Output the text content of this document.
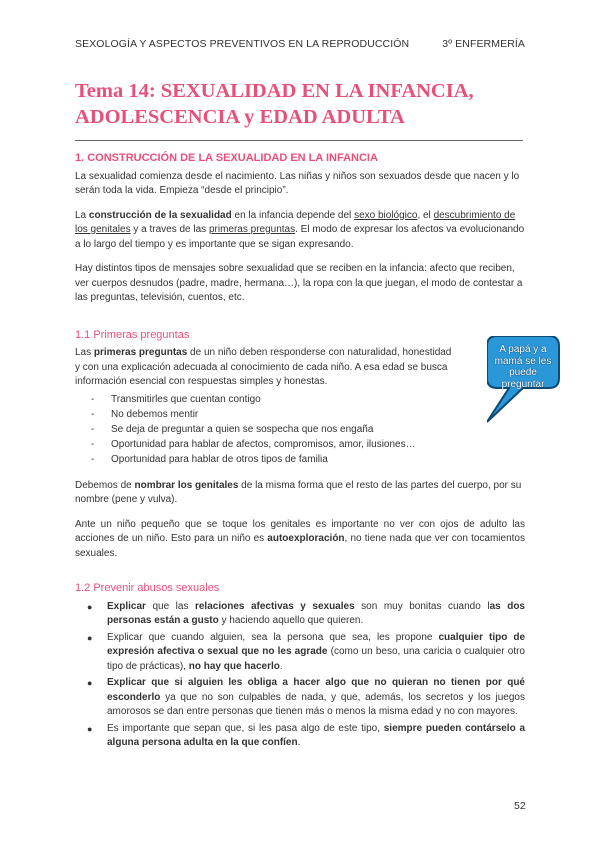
SEXOLOGÍA Y ASPECTOS PREVENTIVOS EN LA REPRODUCCIÓN	3º ENFERMERÍA
Tema 14: SEXUALIDAD EN LA INFANCIA,
ADOLESCENCIA y EDAD ADULTA
1. CONSTRUCCIÓN DE LA SEXUALIDAD EN LA INFANCIA

La sexualidad comienza desde el nacimiento. Las niñas y niños son sexuados desde que nacen y lo serán toda la vida. Empieza “desde el principio”.

La construcción de la sexualidad en la infancia depende del sexo biológico, el descubrimiento de los genitales y a traves de las primeras preguntas. El modo de expresar los afectos va evolucionando a lo largo del tiempo y es importante que se sigan expresando.

Hay distintos tipos de mensajes sobre sexualidad que se reciben en la infancia: afecto que reciben, ver cuerpos desnudos (padre, madre, hermana…), la ropa con la que juegan, el modo de contestar a las preguntas, televisión, cuentos, etc.

1.1 Primeras preguntas

Las primeras preguntas de un niño deben responderse con naturalidad, honestidad y con una explicación adecuada al conocimiento de cada niño. A esa edad se busca información esencial con respuestas simples y honestas.

- Transmitirles que cuentan contigo
- No debemos mentir
- Se deja de preguntar a quien se sospecha que nos engaña
- Oportunidad para hablar de afectos, compromisos, amor, ilusiones…
- Oportunidad para hablar de otros tipos de familia

Debemos de nombrar los genitales de la misma forma que el resto de las partes del cuerpo, por su nombre (pene y vulva).

Ante un niño pequeño que se toque los genitales es importante no ver con ojos de adulto las acciones de un niño. Esto para un niño es autoexploración, no tiene nada que ver con tocamientos sexuales.

1.2 Prevenir abusos sexuales
● Explicar que las relaciones afectivas y sexuales son muy bonitas cuando las dos personas están a gusto y haciendo aquello que quieren.
● Explicar que cuando alguien, sea la persona que sea, les propone cualquier tipo de expresión afectiva o sexual que no les agrade (como un beso, una caricia o cualquier otro tipo de prácticas), no hay que hacerlo.
● Explicar que si alguien les obliga a hacer algo que no quieran no tienen por qué esconderlo ya que no son culpables de nada, y que, además, los secretos y los juegos amorosos se dan entre personas que tienen más o menos la misma edad y no con mayores.
● Es importante que sepan que, si les pasa algo de este tipo, siempre pueden contárselo a alguna persona adulta en la que confíen.
A papá y a mamá se les puede preguntar
52
